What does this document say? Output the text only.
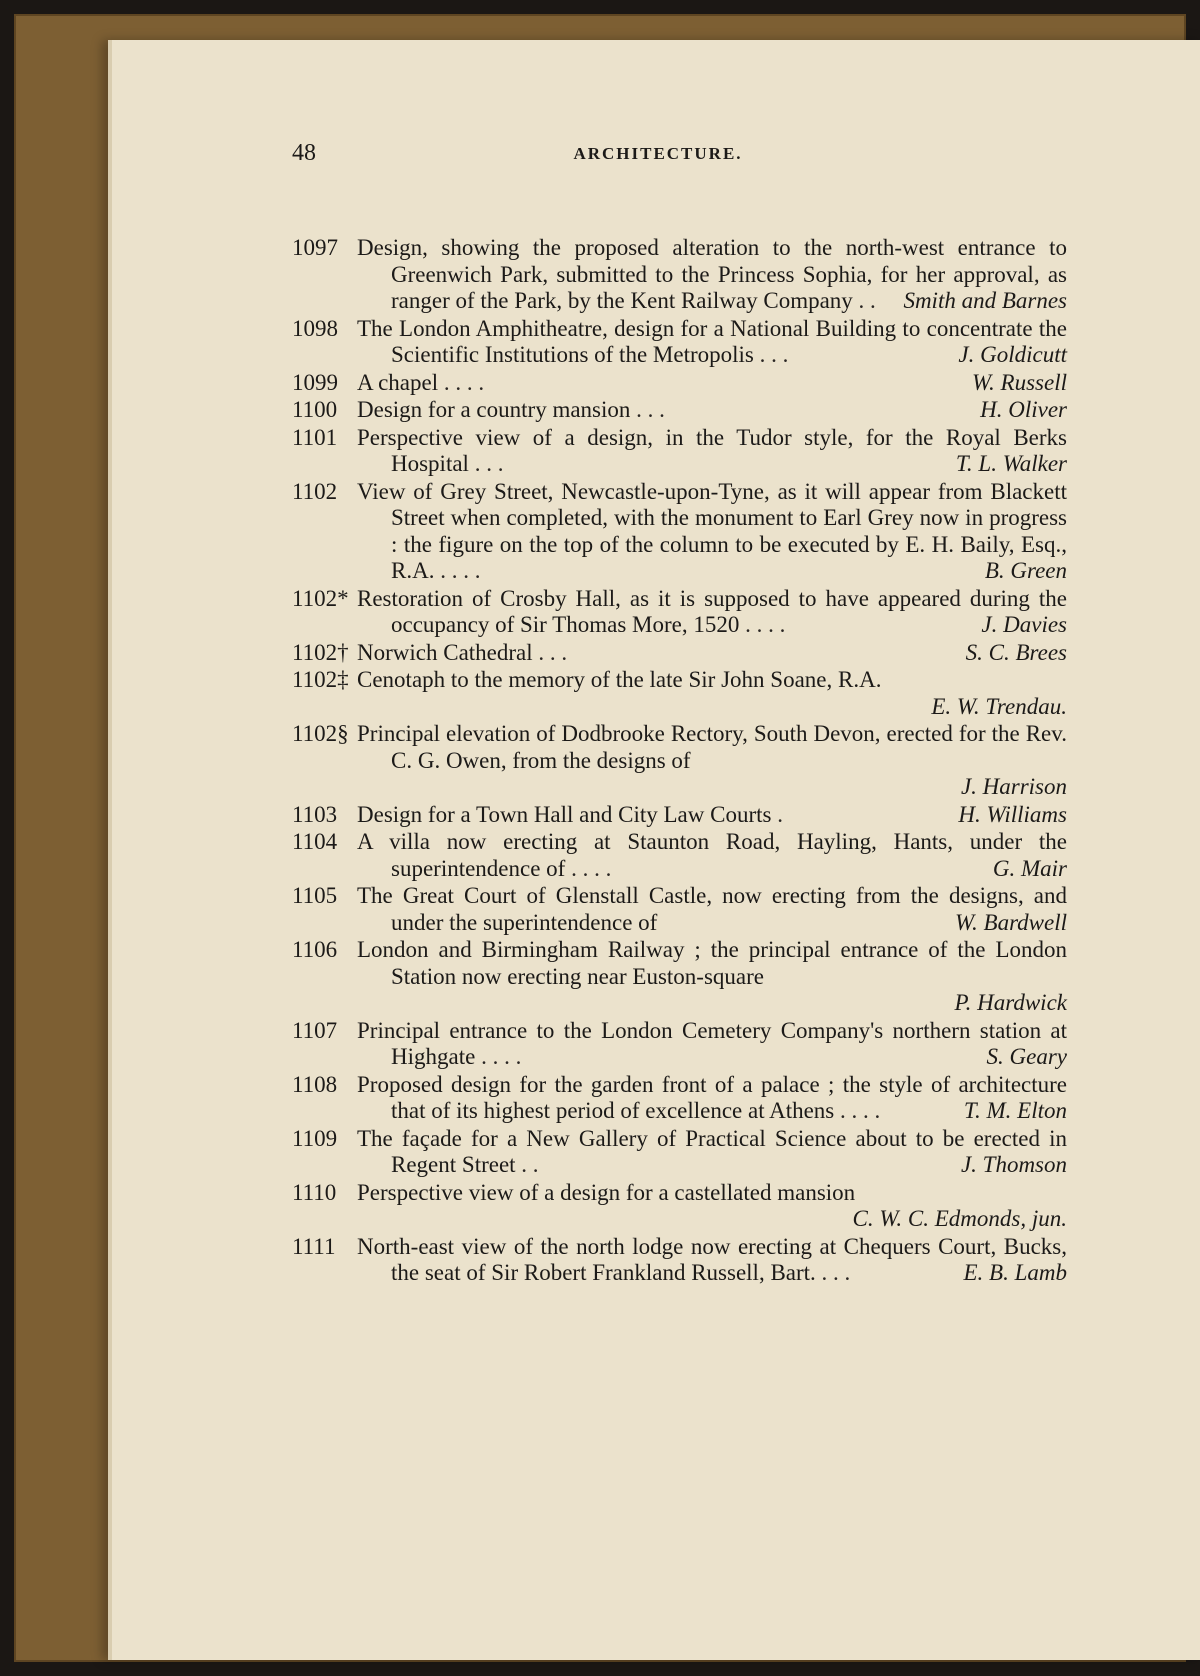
48	ARCHITECTURE.
1097 Design, showing the proposed alteration to the north-west entrance to Greenwich Park, submitted to the Princess Sophia, for her approval, as ranger of the Park, by the Kent Railway Company . . Smith and Barnes
1098 The London Amphitheatre, design for a National Building to concentrate the Scientific Institutions of the Metropolis . . .	J. Goldicutt
1099 A chapel . . . .	W. Russell
1100 Design for a country mansion . . .	H. Oliver
1101 Perspective view of a design, in the Tudor style, for the Royal Berks Hospital . . .	T. L. Walker
1102 View of Grey Street, Newcastle-upon-Tyne, as it will appear from Blackett Street when completed, with the monument to Earl Grey now in progress : the figure on the top of the column to be executed by E. H. Baily, Esq., R.A. . . . .	B. Green
1102* Restoration of Crosby Hall, as it is supposed to have appeared during the occupancy of Sir Thomas More, 1520 . . . .	J. Davies
1102† Norwich Cathedral . . .	S. C. Brees
1102‡ Cenotaph to the memory of the late Sir John Soane, R.A.
E. W. Trendau.
1102§ Principal elevation of Dodbrooke Rectory, South Devon, erected for the Rev. C. G. Owen, from the designs of
J. Harrison
1103 Design for a Town Hall and City Law Courts .	H. Williams
1104 A villa now erecting at Staunton Road, Hayling, Hants, under the superintendence of . . . .	G. Mair
1105 The Great Court of Glenstall Castle, now erecting from the designs, and under the superintendence of	W. Bardwell
1106 London and Birmingham Railway ; the principal entrance of the London Station now erecting near Euston-square
P. Hardwick
1107 Principal entrance to the London Cemetery Company's northern station at Highgate . . . .	S. Geary
1108 Proposed design for the garden front of a palace ; the style of architecture that of its highest period of excellence at Athens . . . .	T. M. Elton
1109 The façade for a New Gallery of Practical Science about to be erected in Regent Street . .	J. Thomson
1110 Perspective view of a design for a castellated mansion
C. W. C. Edmonds, jun.
1111 North-east view of the north lodge now erecting at Chequers Court, Bucks, the seat of Sir Robert Frankland Russell, Bart. . . .	E. B. Lamb
